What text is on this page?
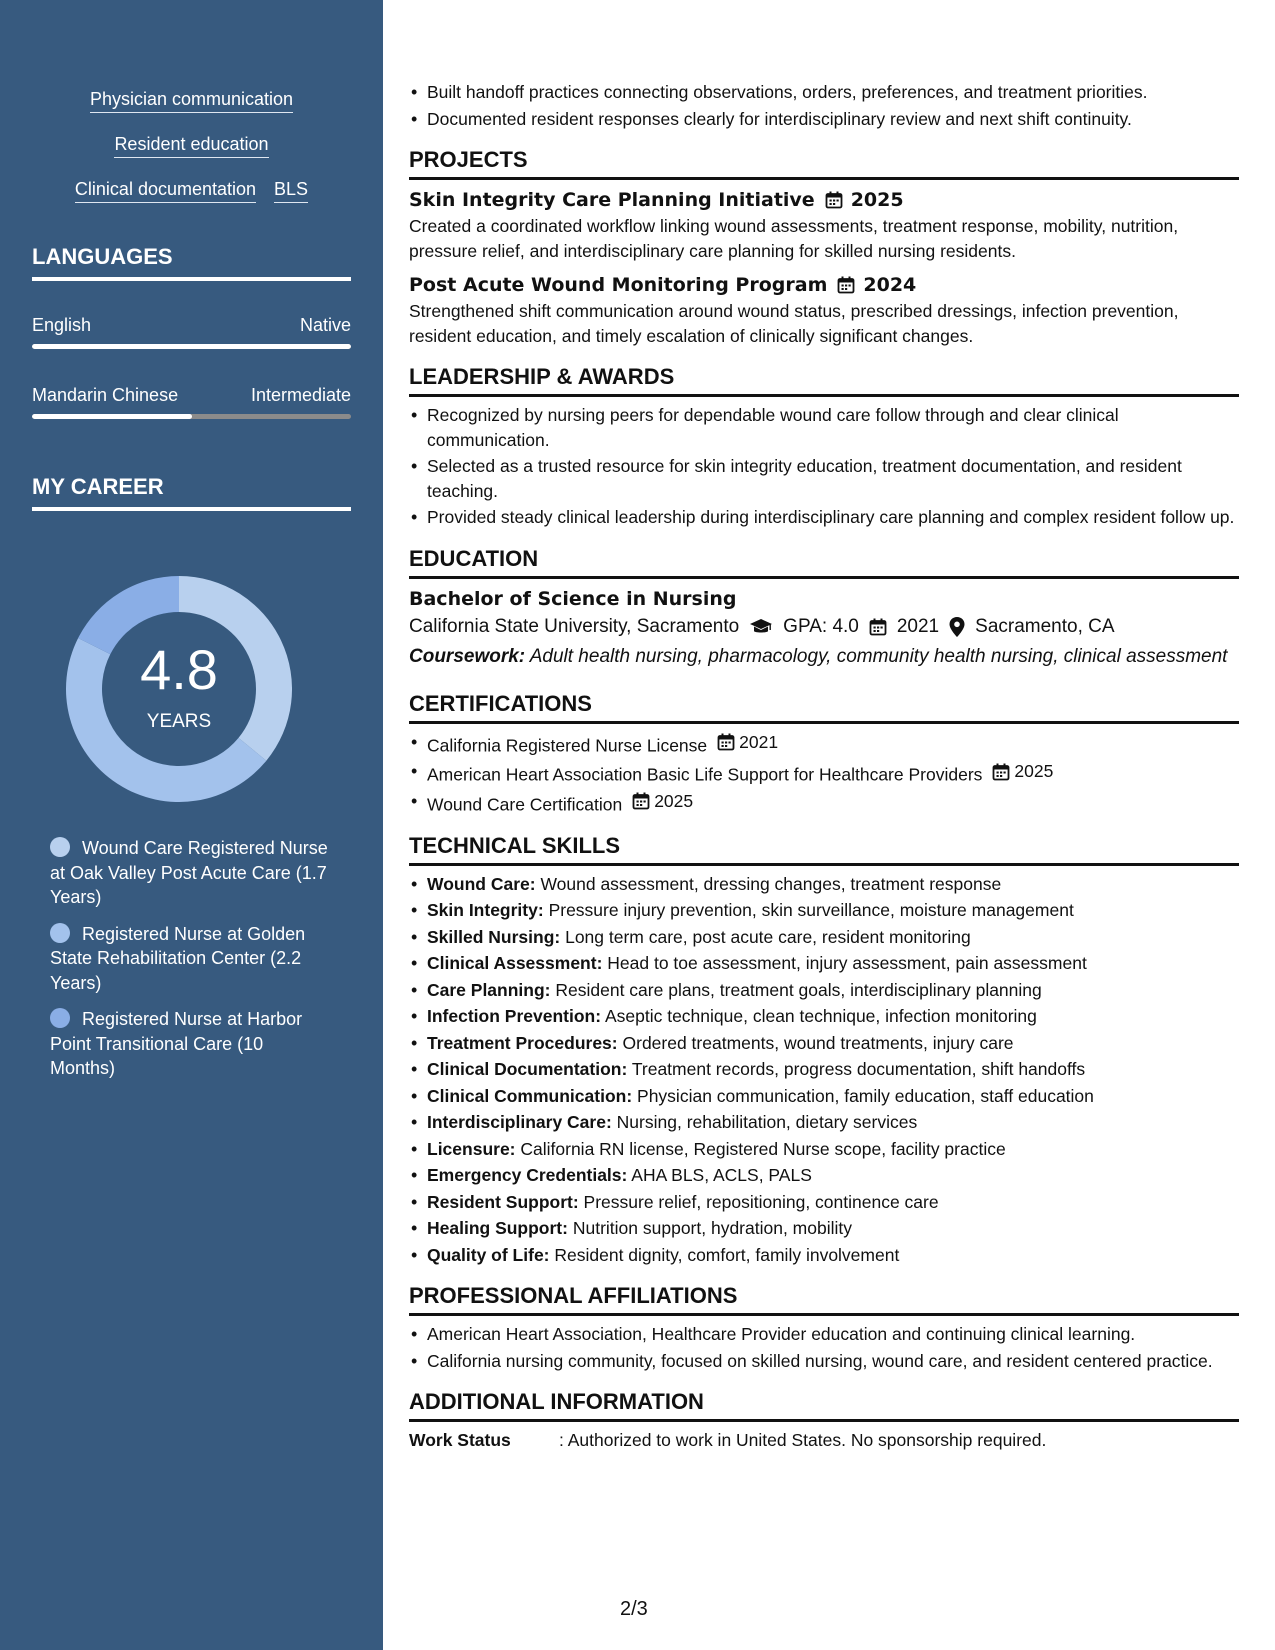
Physician communication
Resident education
Clinical documentation BLS
LANGUAGES
English	Native
Mandarin Chinese	Intermediate
MY CAREER
4.8
YEARS
Wound Care Registered Nurse at Oak Valley Post Acute Care (1.7 Years)
Registered Nurse at Golden State Rehabilitation Center (2.2 Years)
Registered Nurse at Harbor Point Transitional Care (10 Months)
• Built handoff practices connecting observations, orders, preferences, and treatment priorities.
• Documented resident responses clearly for interdisciplinary review and next shift continuity.
PROJECTS
Skin Integrity Care Planning Initiative 2025
Created a coordinated workflow linking wound assessments, treatment response, mobility, nutrition, pressure relief, and interdisciplinary care planning for skilled nursing residents.
Post Acute Wound Monitoring Program 2024
Strengthened shift communication around wound status, prescribed dressings, infection prevention, resident education, and timely escalation of clinically significant changes.
LEADERSHIP & AWARDS
• Recognized by nursing peers for dependable wound care follow through and clear clinical communication.
• Selected as a trusted resource for skin integrity education, treatment documentation, and resident teaching.
• Provided steady clinical leadership during interdisciplinary care planning and complex resident follow up.
EDUCATION
Bachelor of Science in Nursing
California State University, Sacramento GPA: 4.0 2021 Sacramento, CA
Coursework: Adult health nursing, pharmacology, community health nursing, clinical assessment
CERTIFICATIONS
• California Registered Nurse License 2021
• American Heart Association Basic Life Support for Healthcare Providers 2025
• Wound Care Certification 2025
TECHNICAL SKILLS
• Wound Care: Wound assessment, dressing changes, treatment response
• Skin Integrity: Pressure injury prevention, skin surveillance, moisture management
• Skilled Nursing: Long term care, post acute care, resident monitoring
• Clinical Assessment: Head to toe assessment, injury assessment, pain assessment
• Care Planning: Resident care plans, treatment goals, interdisciplinary planning
• Infection Prevention: Aseptic technique, clean technique, infection monitoring
• Treatment Procedures: Ordered treatments, wound treatments, injury care
• Clinical Documentation: Treatment records, progress documentation, shift handoffs
• Clinical Communication: Physician communication, family education, staff education
• Interdisciplinary Care: Nursing, rehabilitation, dietary services
• Licensure: California RN license, Registered Nurse scope, facility practice
• Emergency Credentials: AHA BLS, ACLS, PALS
• Resident Support: Pressure relief, repositioning, continence care
• Healing Support: Nutrition support, hydration, mobility
• Quality of Life: Resident dignity, comfort, family involvement
PROFESSIONAL AFFILIATIONS
• American Heart Association, Healthcare Provider education and continuing clinical learning.
• California nursing community, focused on skilled nursing, wound care, and resident centered practice.
ADDITIONAL INFORMATION
Work Status	: Authorized to work in United States. No sponsorship required.
2/3
